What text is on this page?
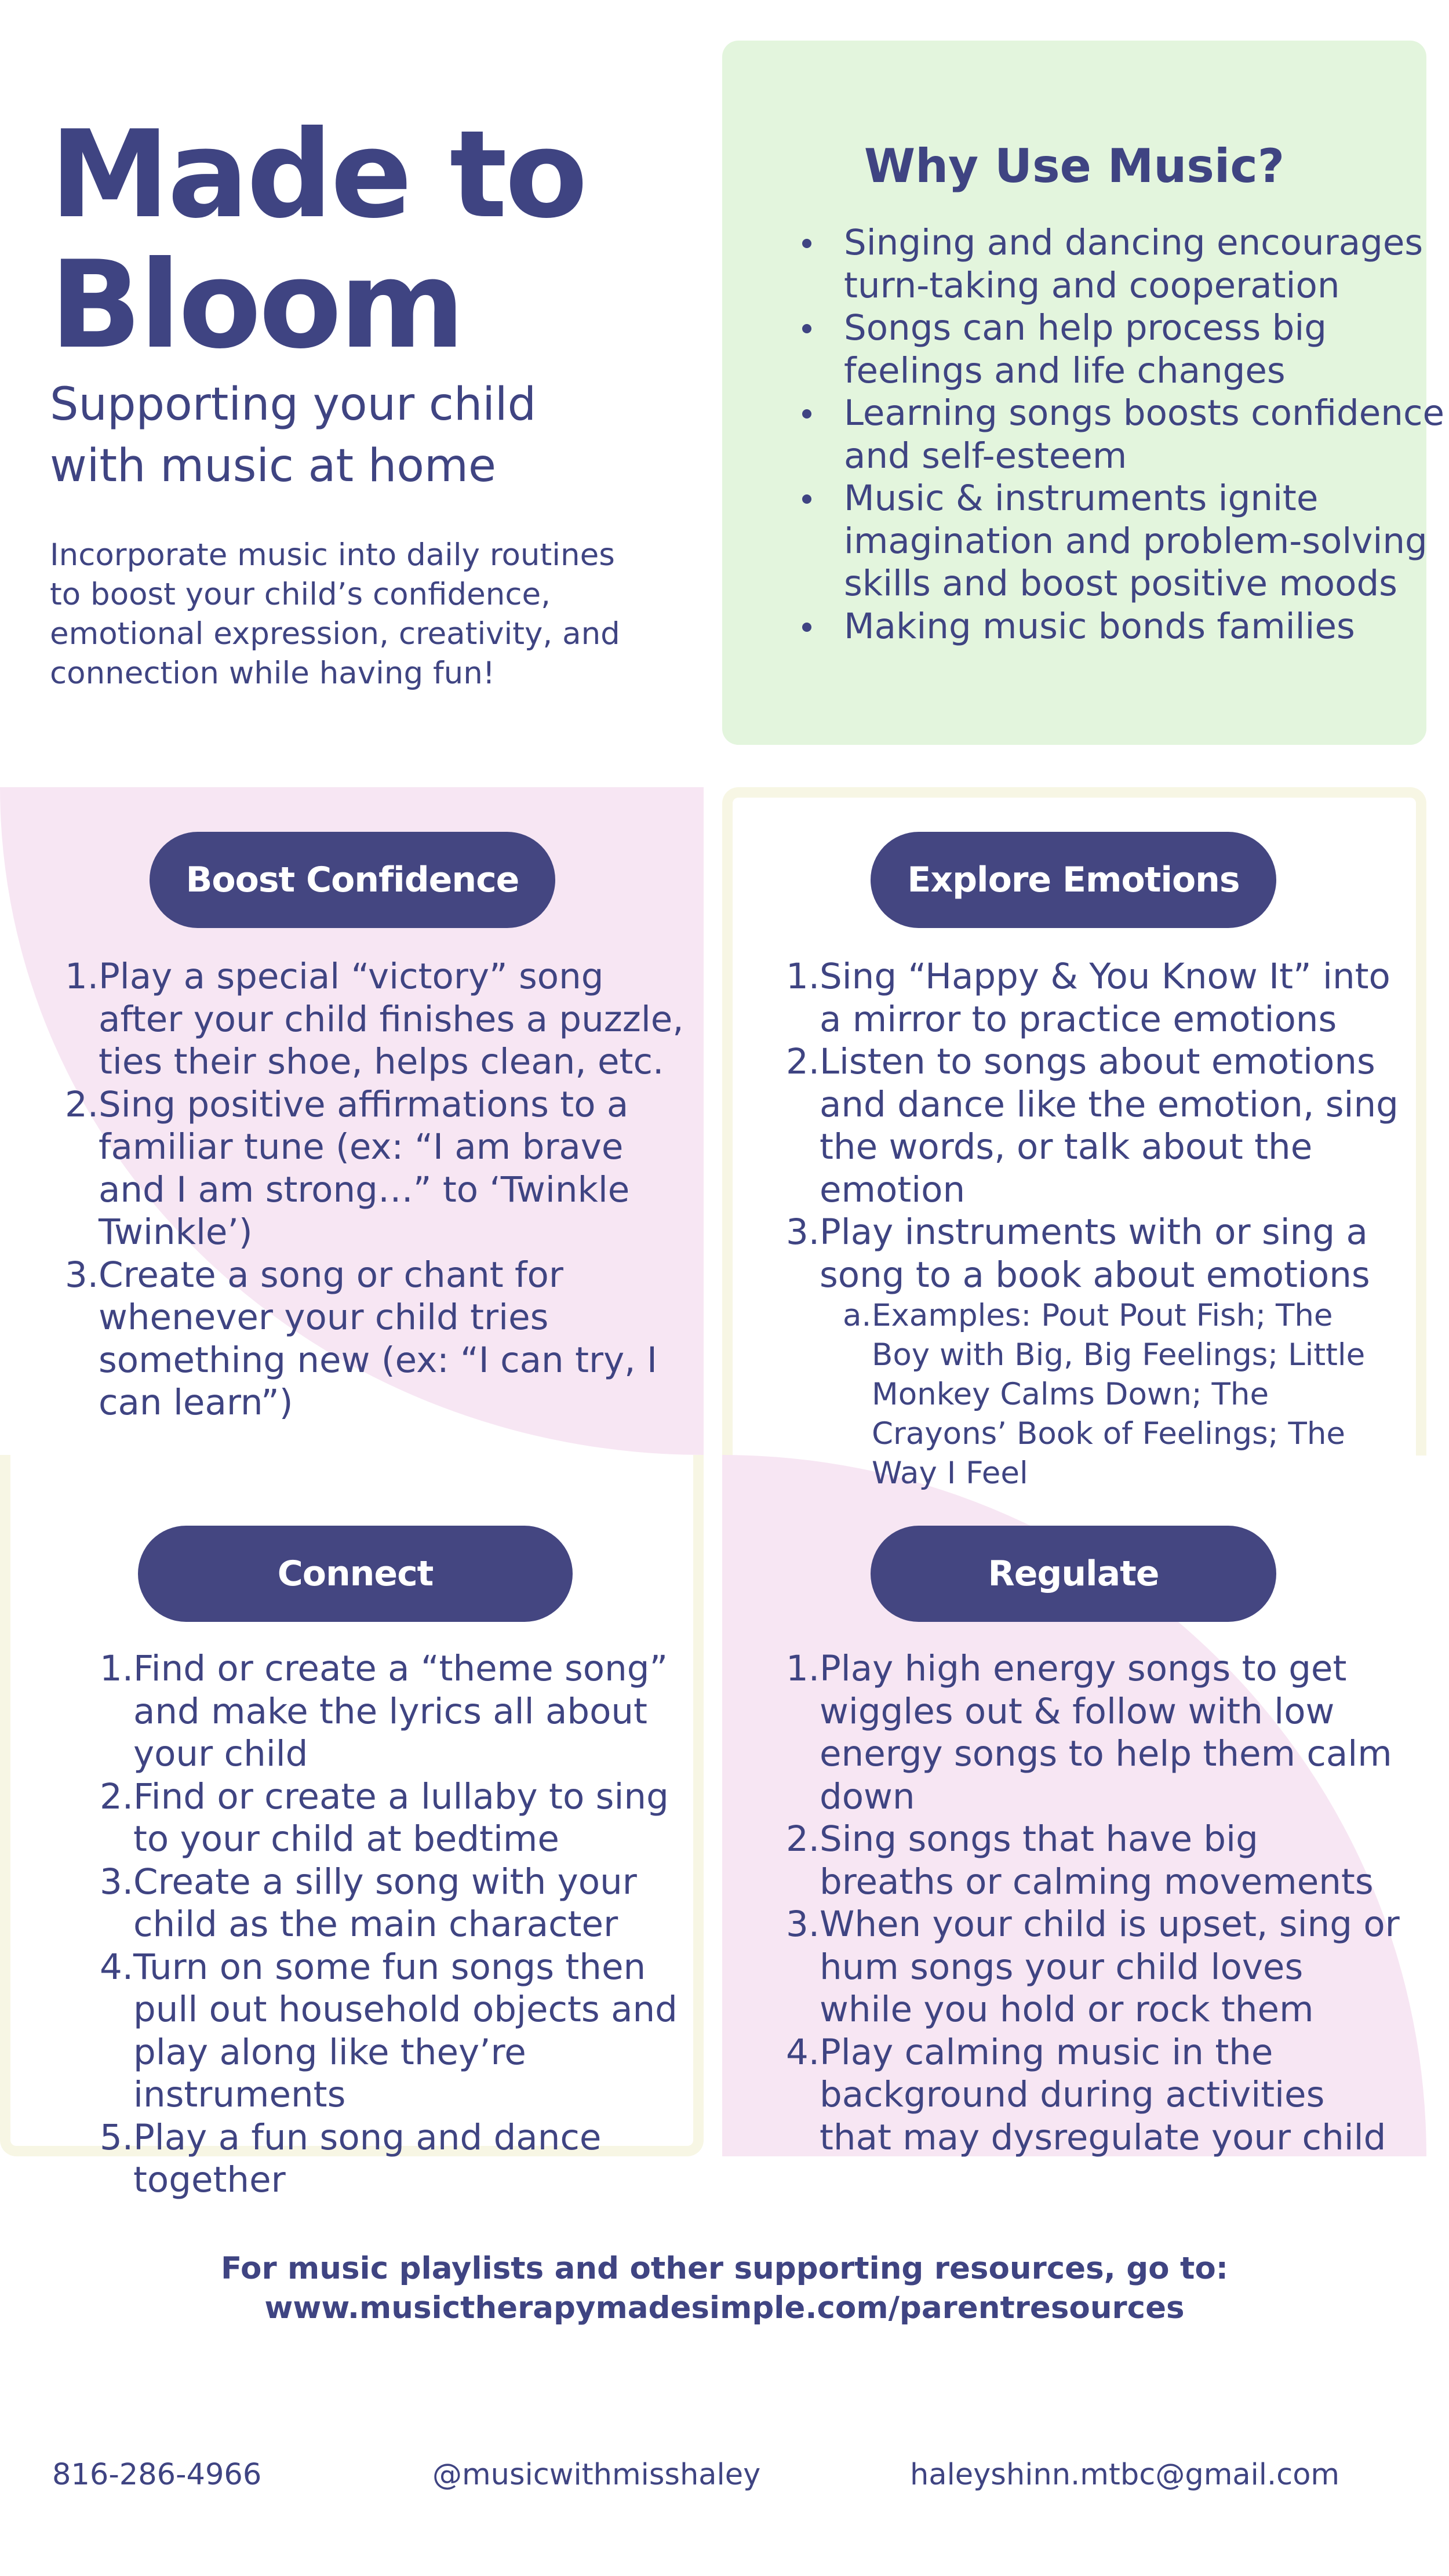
Made to
Bloom
Supporting your child
with music at home
Incorporate music into daily routines to boost your child’s confidence, emotional expression, creativity, and connection while having fun!
Why Use Music?
Singing and dancing encourages turn-taking and cooperation
Songs can help process big feelings and life changes
Learning songs boosts confidence and self-esteem
Music & instruments ignite imagination and problem-solving skills and boost positive moods
Making music bonds families
Boost Confidence
1. Play a special “victory” song after your child finishes a puzzle, ties their shoe, helps clean, etc.
2. Sing positive affirmations to a familiar tune (ex: “I am brave and I am strong…” to ‘Twinkle Twinkle’)
3. Create a song or chant for whenever your child tries something new (ex: “I can try, I can learn”)
Explore Emotions
1. Sing “Happy & You Know It” into a mirror to practice emotions
2. Listen to songs about emotions and dance like the emotion, sing the words, or talk about the emotion
3. Play instruments with or sing a song to a book about emotions
a. Examples: Pout Pout Fish; The Boy with Big, Big Feelings; Little Monkey Calms Down; The Crayons’ Book of Feelings; The Way I Feel
Connect
1. Find or create a “theme song” and make the lyrics all about your child
2. Find or create a lullaby to sing to your child at bedtime
3. Create a silly song with your child as the main character
4. Turn on some fun songs then pull out household objects and play along like they’re instruments
5. Play a fun song and dance together
Regulate
1. Play high energy songs to get wiggles out & follow with low energy songs to help them calm down
2. Sing songs that have big breaths or calming movements
3. When your child is upset, sing or hum songs your child loves while you hold or rock them
4. Play calming music in the background during activities that may dysregulate your child
For music playlists and other supporting resources, go to:
www.musictherapymadesimple.com/parentresources
816-286-4966	@musicwithmisshaley	haleyshinn.mtbc@gmail.com
